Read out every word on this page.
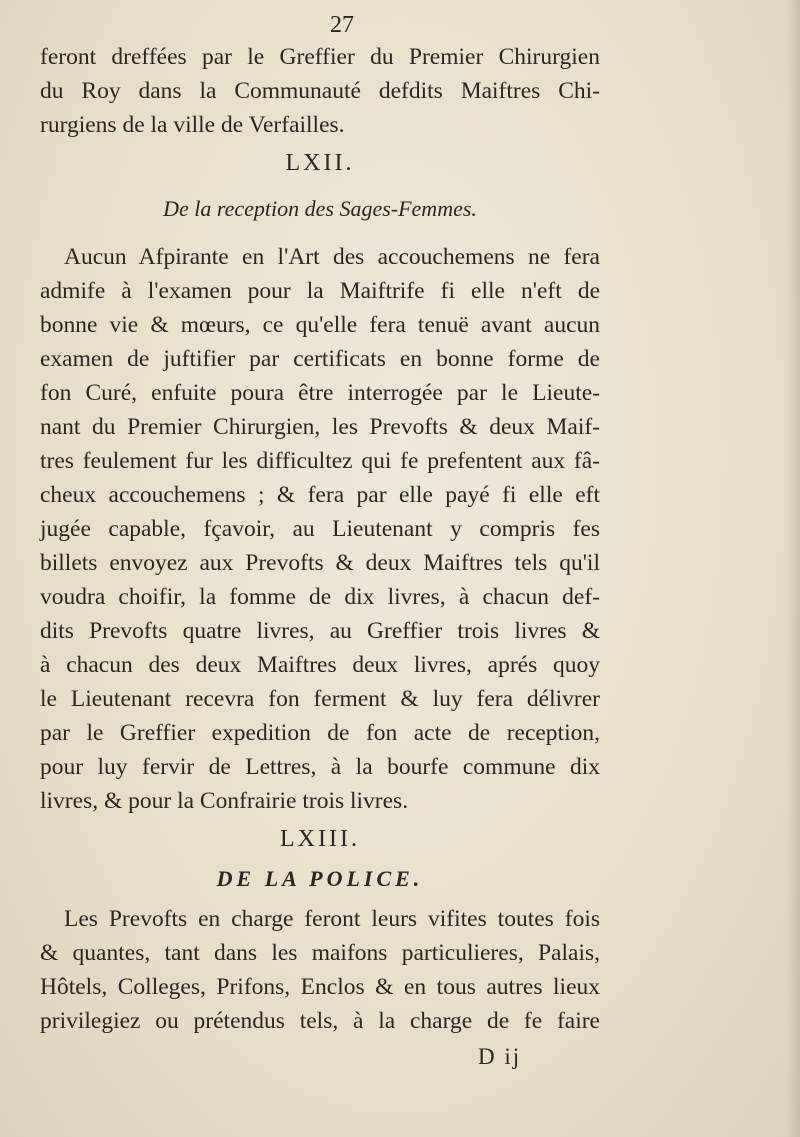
27
feront dreffées par le Greffier du Premier Chirurgien
du Roy dans la Communauté defdits Maiftres Chi-
rurgiens de la ville de Verfailles.
LXII.
De la reception des Sages-Femmes.
Aucun Afpirante en l'Art des accouchemens ne fera
admife à l'examen pour la Maiftrife fi elle n'eft de
bonne vie & mœurs, ce qu'elle fera tenuë avant aucun
examen de juftifier par certificats en bonne forme de
fon Curé, enfuite poura être interrogée par le Lieute-
nant du Premier Chirurgien, les Prevofts & deux Maif-
tres feulement fur les difficultez qui fe prefentent aux fâ-
cheux accouchemens ; & fera par elle payé fi elle eft
jugée capable, fçavoir, au Lieutenant y compris fes
billets envoyez aux Prevofts & deux Maiftres tels qu'il
voudra choifir, la fomme de dix livres, à chacun def-
dits Prevofts quatre livres, au Greffier trois livres &
à chacun des deux Maiftres deux livres, aprés quoy
le Lieutenant recevra fon ferment & luy fera délivrer
par le Greffier expedition de fon acte de reception,
pour luy fervir de Lettres, à la bourfe commune dix
livres, & pour la Confrairie trois livres.
LXIII.
DE LA POLICE.
Les Prevofts en charge feront leurs vifites toutes fois
& quantes, tant dans les maifons particulieres, Palais,
Hôtels, Colleges, Prifons, Enclos & en tous autres lieux
privilegiez ou prétendus tels, à la charge de fe faire
D ij
